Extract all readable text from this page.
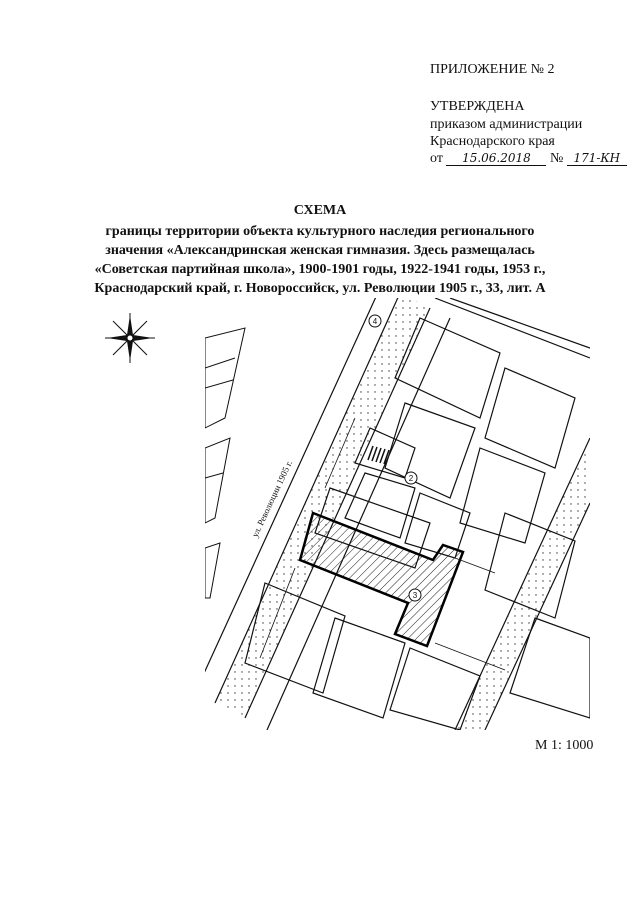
ПРИЛОЖЕНИЕ № 2
УТВЕРЖДЕНА
приказом администрации
Краснодарского края
от 15.06.2018 № 171-КН
СХЕМА
границы территории объекта культурного наследия регионального
значения «Александринская женская гимназия. Здесь размещалась
«Советская партийная школа», 1900-1901 годы, 1922-1941 годы, 1953 г.,
Краснодарский край, г. Новороссийск, ул. Революции 1905 г., 33, лит. А
ул. Революции 1905 г.
4
2
3
М 1: 1000
